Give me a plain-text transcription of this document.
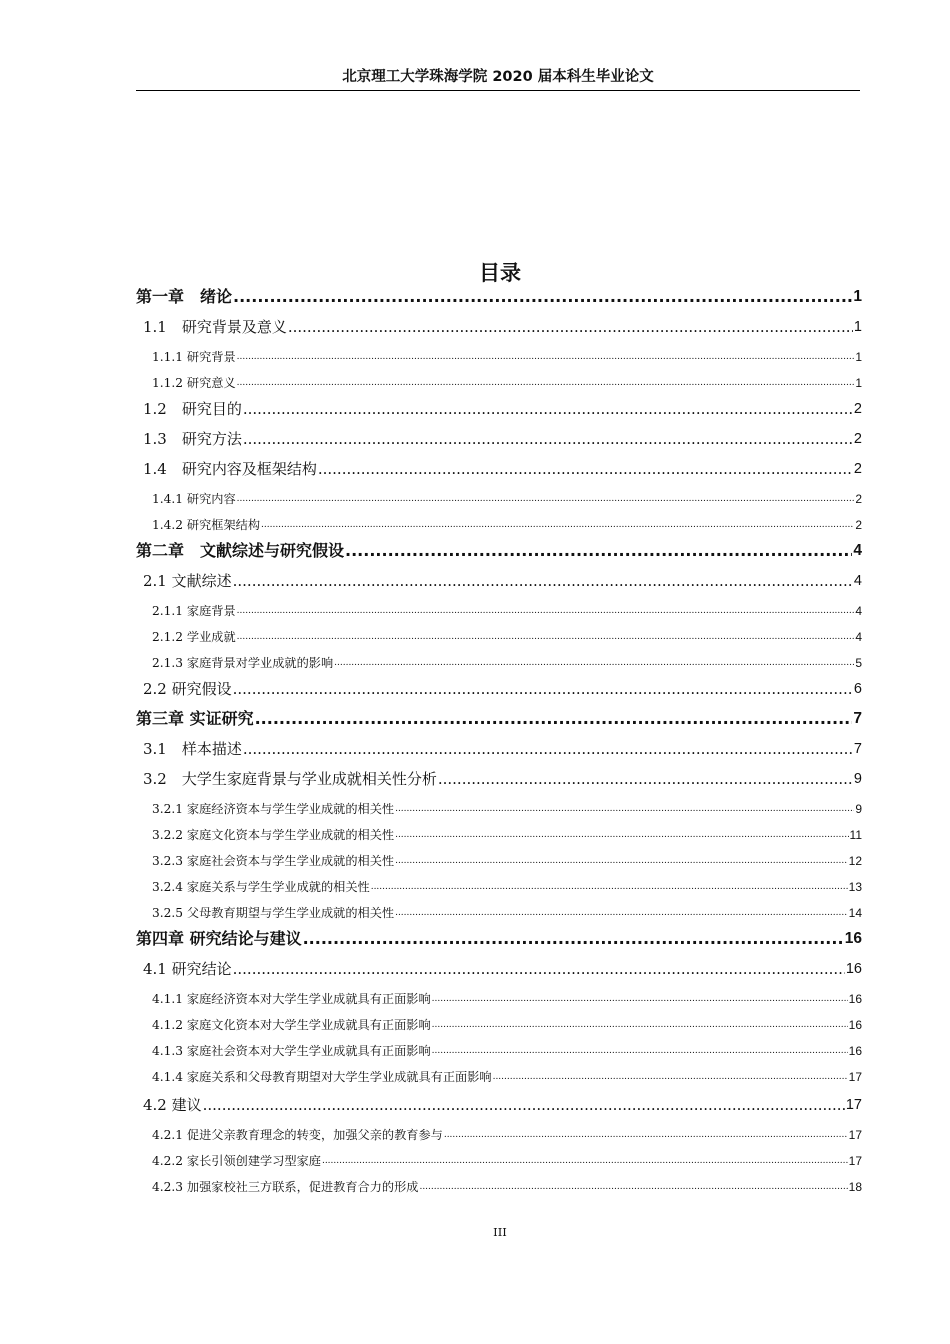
北京理工大学珠海学院 2020 届本科生毕业论文
目录
第一章　绪论 .....	1
1.1　研究背景及意义 .....	1
1.1.1 研究背景 .....	1
1.1.2 研究意义 .....	1
1.2　研究目的 .....	2
1.3　研究方法 .....	2
1.4　研究内容及框架结构 .....	2
1.4.1 研究内容 .....	2
1.4.2 研究框架结构 .....	2
第二章　文献综述与研究假设 .....	4
2.1 文献综述 .....	4
2.1.1 家庭背景 .....	4
2.1.2 学业成就 .....	4
2.1.3 家庭背景对学业成就的影响 .....	5
2.2 研究假设 .....	6
第三章 实证研究 .....	7
3.1　样本描述 .....	7
3.2　大学生家庭背景与学业成就相关性分析 .....	9
3.2.1 家庭经济资本与学生学业成就的相关性 .....	9
3.2.2 家庭文化资本与学生学业成就的相关性 .....	11
3.2.3 家庭社会资本与学生学业成就的相关性 .....	12
3.2.4 家庭关系与学生学业成就的相关性 .....	13
3.2.5 父母教育期望与学生学业成就的相关性 .....	14
第四章 研究结论与建议 .....	16
4.1 研究结论 .....	16
4.1.1 家庭经济资本对大学生学业成就具有正面影响 .....	16
4.1.2 家庭文化资本对大学生学业成就具有正面影响 .....	16
4.1.3 家庭社会资本对大学生学业成就具有正面影响 .....	16
4.1.4 家庭关系和父母教育期望对大学生学业成就具有正面影响 .....	17
4.2 建议 .....	17
4.2.1 促进父亲教育理念的转变，加强父亲的教育参与 .....	17
4.2.2 家长引领创建学习型家庭 .....	17
4.2.3 加强家校社三方联系，促进教育合力的形成 .....	18
III
